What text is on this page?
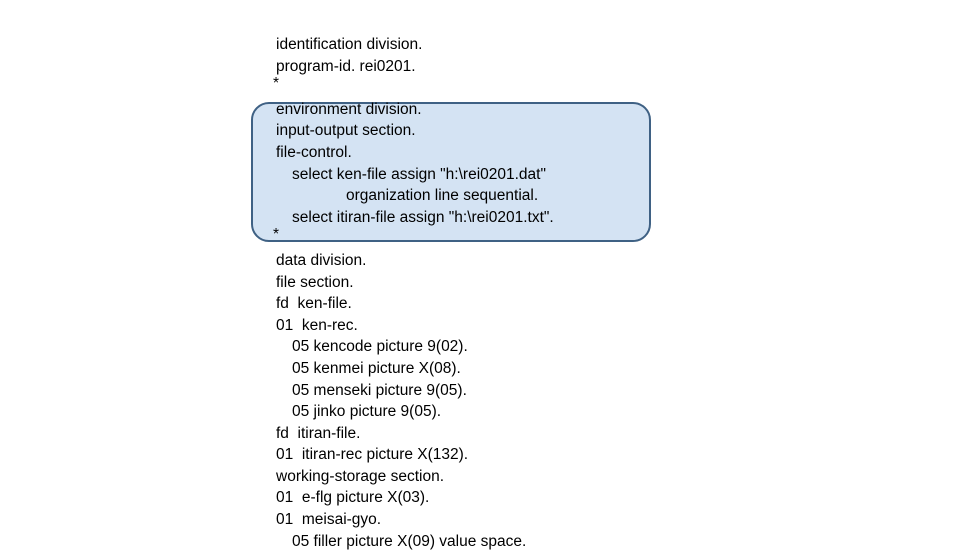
identification division.
program-id. rei0201.
*
environment division.
input-output section.
file-control.
select ken-file assign "h:\rei0201.dat"
organization line sequential.
select itiran-file assign "h:\rei0201.txt".
*
data division.
file section.
fd  ken-file.
01  ken-rec.
05 kencode picture 9(02).
05 kenmei picture X(08).
05 menseki picture 9(05).
05 jinko picture 9(05).
fd  itiran-file.
01  itiran-rec picture X(132).
working-storage section.
01  e-flg picture X(03).
01  meisai-gyo.
05 filler picture X(09) value space.
